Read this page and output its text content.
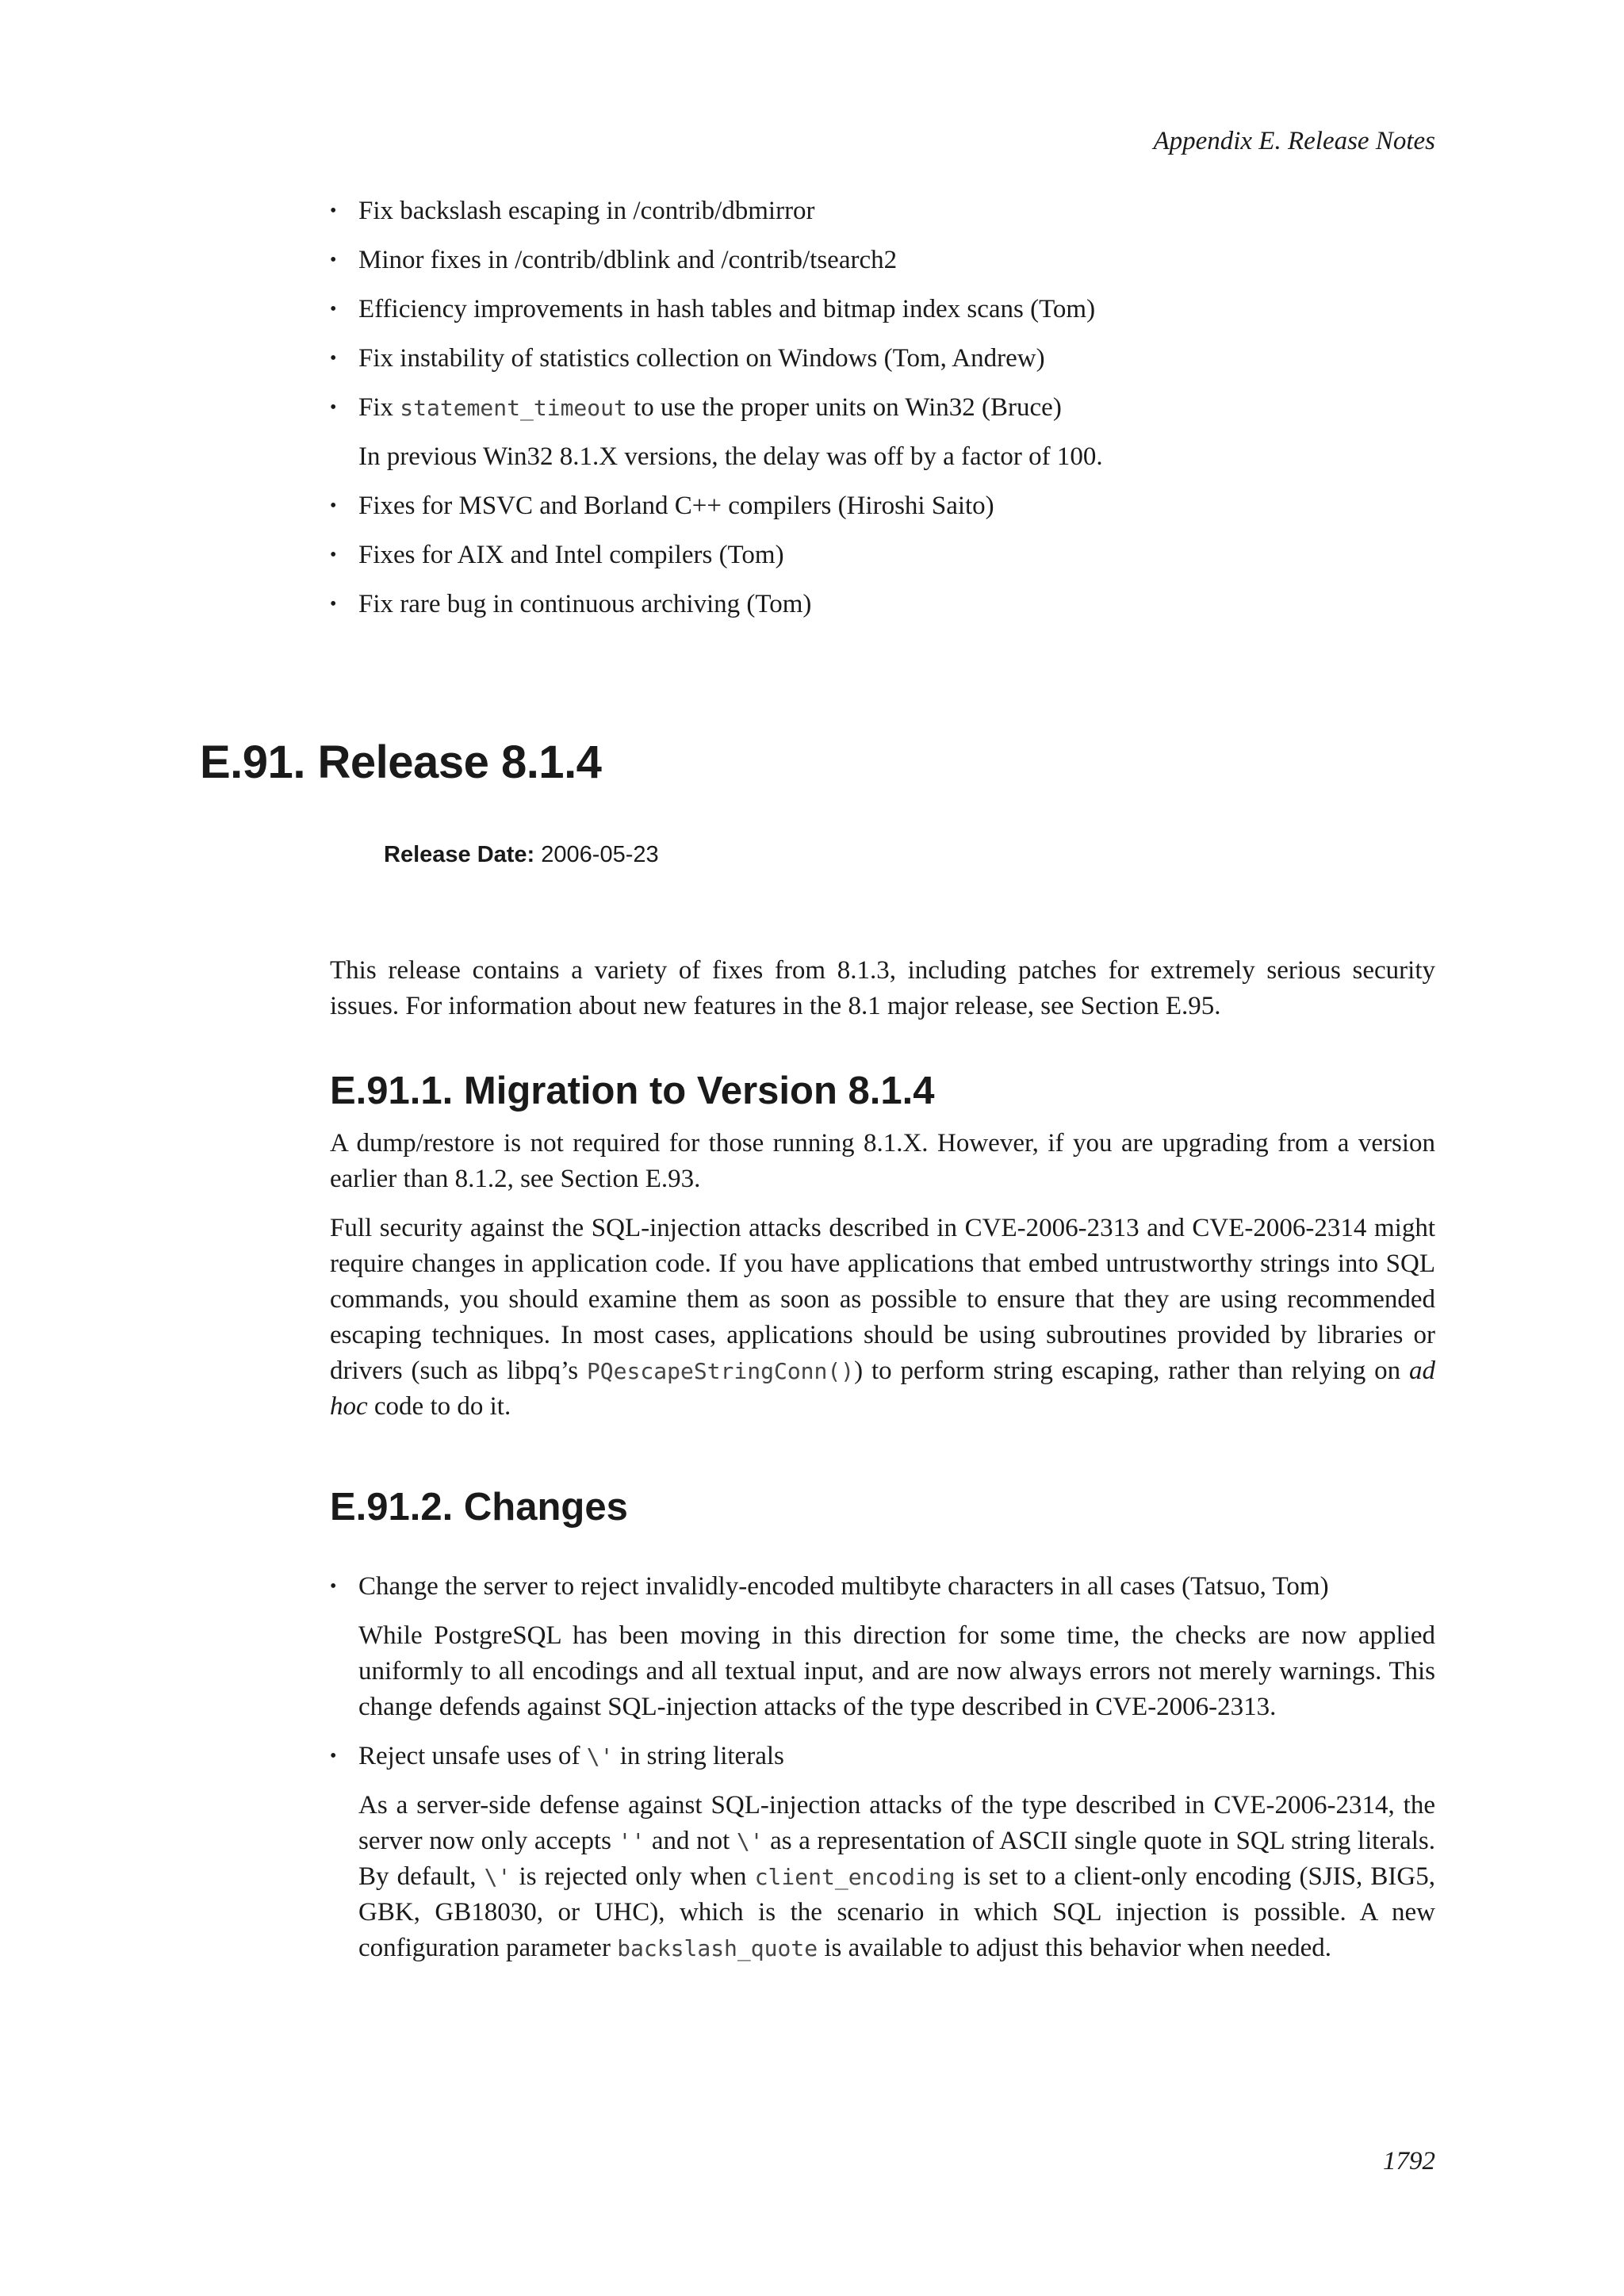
Appendix E. Release Notes

• Fix backslash escaping in /contrib/dbmirror

• Minor fixes in /contrib/dblink and /contrib/tsearch2

• Efficiency improvements in hash tables and bitmap index scans (Tom)

• Fix instability of statistics collection on Windows (Tom, Andrew)

• Fix statement_timeout to use the proper units on Win32 (Bruce)

In previous Win32 8.1.X versions, the delay was off by a factor of 100.

• Fixes for MSVC and Borland C++ compilers (Hiroshi Saito)

• Fixes for AIX and Intel compilers (Tom)

• Fix rare bug in continuous archiving (Tom)

E.91. Release 8.1.4
Release Date: 2006-05-23

This release contains a variety of fixes from 8.1.3, including patches for extremely serious security issues. For information about new features in the 8.1 major release, see Section E.95.

E.91.1. Migration to Version 8.1.4

A dump/restore is not required for those running 8.1.X. However, if you are upgrading from a version earlier than 8.1.2, see Section E.93.

Full security against the SQL-injection attacks described in CVE-2006-2313 and CVE-2006-2314 might require changes in application code. If you have applications that embed untrustworthy strings into SQL commands, you should examine them as soon as possible to ensure that they are using recommended escaping techniques. In most cases, applications should be using subroutines provided by libraries or drivers (such as libpq’s PQescapeStringConn()) to perform string escaping, rather than relying on ad hoc code to do it.

E.91.2. Changes

• Change the server to reject invalidly-encoded multibyte characters in all cases (Tatsuo, Tom)

While PostgreSQL has been moving in this direction for some time, the checks are now applied uniformly to all encodings and all textual input, and are now always errors not merely warnings. This change defends against SQL-injection attacks of the type described in CVE-2006-2313.

• Reject unsafe uses of \' in string literals

As a server-side defense against SQL-injection attacks of the type described in CVE-2006-2314, the server now only accepts '' and not \' as a representation of ASCII single quote in SQL string literals. By default, \' is rejected only when client_encoding is set to a client-only encoding (SJIS, BIG5, GBK, GB18030, or UHC), which is the scenario in which SQL injection is possible. A new configuration parameter backslash_quote is available to adjust this behavior when needed.

1792
